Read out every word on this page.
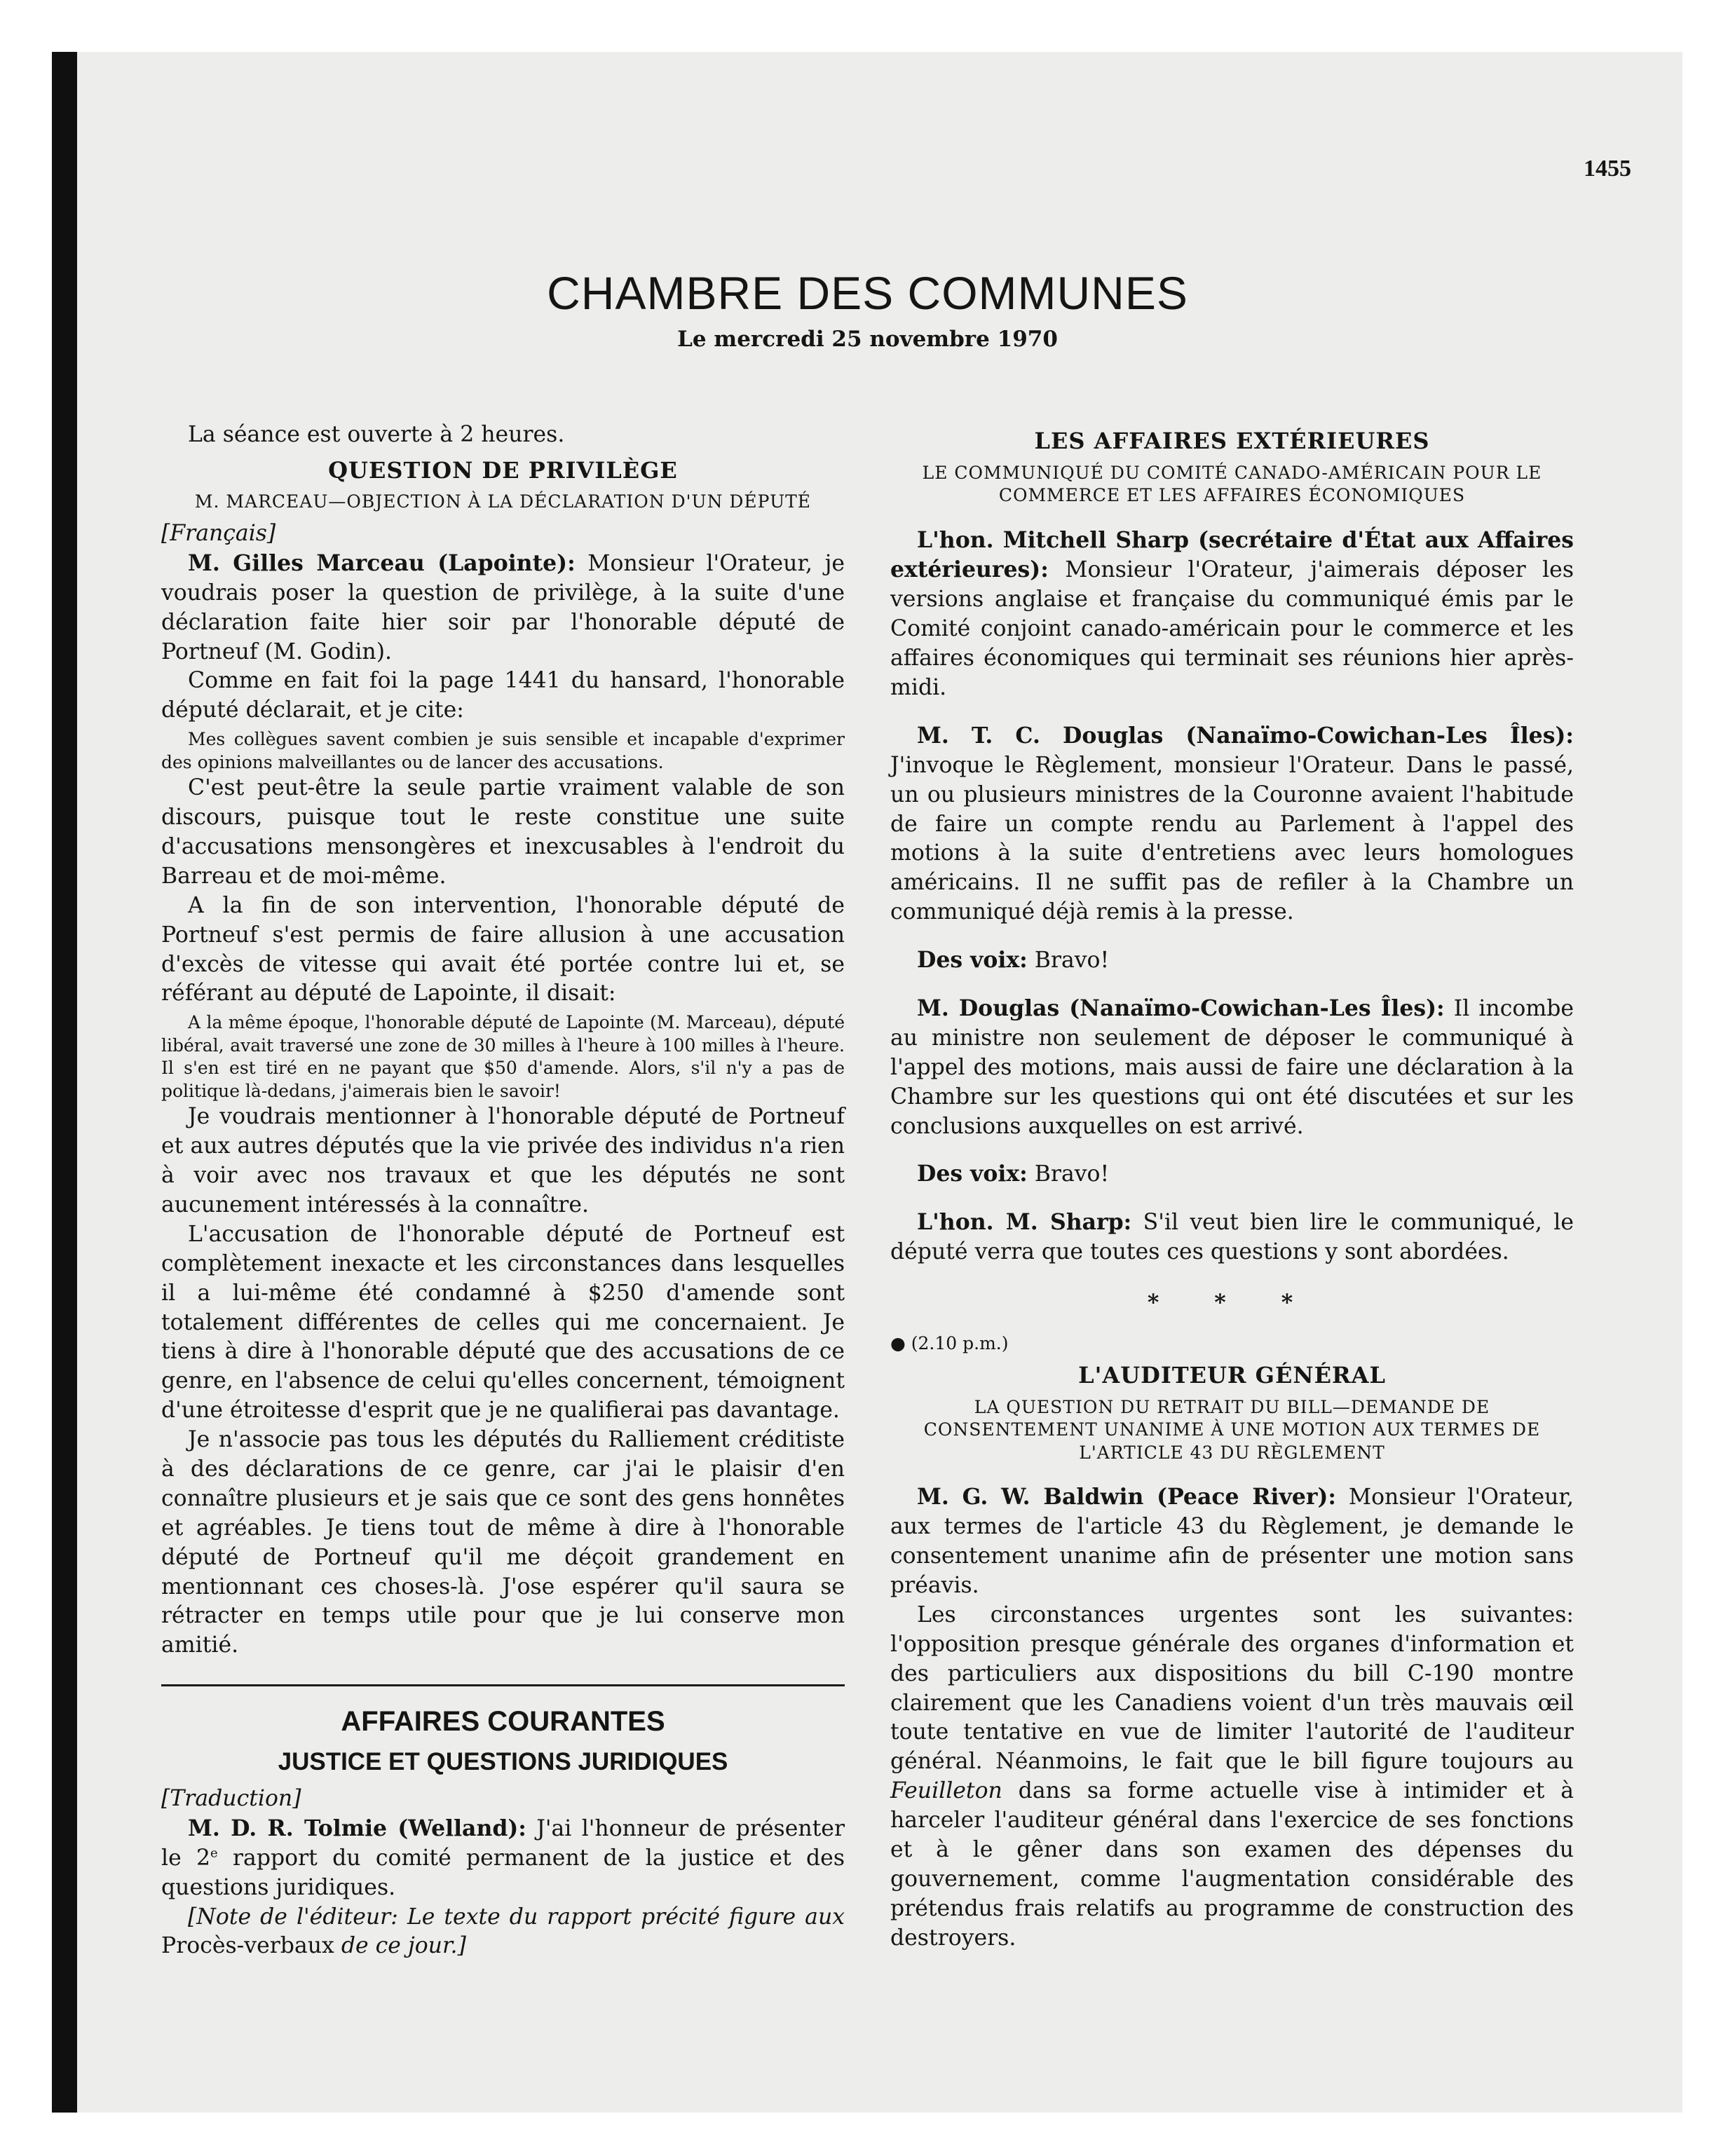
1455
CHAMBRE DES COMMUNES
Le mercredi 25 novembre 1970

La séance est ouverte à 2 heures.

QUESTION DE PRIVILÈGE
M. MARCEAU—OBJECTION À LA DÉCLARATION D'UN DÉPUTÉ

[Français]

M. Gilles Marceau (Lapointe): Monsieur l'Orateur, je voudrais poser la question de privilège, à la suite d'une déclaration faite hier soir par l'honorable député de Portneuf (M. Godin).

Comme en fait foi la page 1441 du hansard, l'honorable député déclarait, et je cite:

Mes collègues savent combien je suis sensible et incapable d'exprimer des opinions malveillantes ou de lancer des accusations.

C'est peut-être la seule partie vraiment valable de son discours, puisque tout le reste constitue une suite d'accusations mensongères et inexcusables à l'endroit du Barreau et de moi-même.

A la fin de son intervention, l'honorable député de Portneuf s'est permis de faire allusion à une accusation d'excès de vitesse qui avait été portée contre lui et, se référant au député de Lapointe, il disait:

A la même époque, l'honorable député de Lapointe (M. Marceau), député libéral, avait traversé une zone de 30 milles à l'heure à 100 milles à l'heure. Il s'en est tiré en ne payant que $50 d'amende. Alors, s'il n'y a pas de politique là-dedans, j'aimerais bien le savoir!

Je voudrais mentionner à l'honorable député de Portneuf et aux autres députés que la vie privée des individus n'a rien à voir avec nos travaux et que les députés ne sont aucunement intéressés à la connaître.

L'accusation de l'honorable député de Portneuf est complètement inexacte et les circonstances dans lesquelles il a lui-même été condamné à $250 d'amende sont totalement différentes de celles qui me concernaient. Je tiens à dire à l'honorable député que des accusations de ce genre, en l'absence de celui qu'elles concernent, témoignent d'une étroitesse d'esprit que je ne qualifierai pas davantage.

Je n'associe pas tous les députés du Ralliement créditiste à des déclarations de ce genre, car j'ai le plaisir d'en connaître plusieurs et je sais que ce sont des gens honnêtes et agréables. Je tiens tout de même à dire à l'honorable député de Portneuf qu'il me déçoit grandement en mentionnant ces choses-là. J'ose espérer qu'il saura se rétracter en temps utile pour que je lui conserve mon amitié.

AFFAIRES COURANTES
JUSTICE ET QUESTIONS JURIDIQUES

[Traduction]

M. D. R. Tolmie (Welland): J'ai l'honneur de présenter le 2e rapport du comité permanent de la justice et des questions juridiques.

[Note de l'éditeur: Le texte du rapport précité figure aux Procès-verbaux de ce jour.]

LES AFFAIRES EXTÉRIEURES
LE COMMUNIQUÉ DU COMITÉ CANADO-AMÉRICAIN POUR LE COMMERCE ET LES AFFAIRES ÉCONOMIQUES

L'hon. Mitchell Sharp (secrétaire d'État aux Affaires extérieures): Monsieur l'Orateur, j'aimerais déposer les versions anglaise et française du communiqué émis par le Comité conjoint canado-américain pour le commerce et les affaires économiques qui terminait ses réunions hier après-midi.

M. T. C. Douglas (Nanaïmo-Cowichan-Les Îles): J'invoque le Règlement, monsieur l'Orateur. Dans le passé, un ou plusieurs ministres de la Couronne avaient l'habitude de faire un compte rendu au Parlement à l'appel des motions à la suite d'entretiens avec leurs homologues américains. Il ne suffit pas de refiler à la Chambre un communiqué déjà remis à la presse.

Des voix: Bravo!

M. Douglas (Nanaïmo-Cowichan-Les Îles): Il incombe au ministre non seulement de déposer le communiqué à l'appel des motions, mais aussi de faire une déclaration à la Chambre sur les questions qui ont été discutées et sur les conclusions auxquelles on est arrivé.

Des voix: Bravo!

L'hon. M. Sharp: S'il veut bien lire le communiqué, le député verra que toutes ces questions y sont abordées.

* * *

● (2.10 p.m.)

L'AUDITEUR GÉNÉRAL
LA QUESTION DU RETRAIT DU BILL—DEMANDE DE CONSENTEMENT UNANIME À UNE MOTION AUX TERMES DE L'ARTICLE 43 DU RÈGLEMENT

M. G. W. Baldwin (Peace River): Monsieur l'Orateur, aux termes de l'article 43 du Règlement, je demande le consentement unanime afin de présenter une motion sans préavis.

Les circonstances urgentes sont les suivantes: l'opposition presque générale des organes d'information et des particuliers aux dispositions du bill C-190 montre clairement que les Canadiens voient d'un très mauvais œil toute tentative en vue de limiter l'autorité de l'auditeur général. Néanmoins, le fait que le bill figure toujours au Feuilleton dans sa forme actuelle vise à intimider et à harceler l'auditeur général dans l'exercice de ses fonctions et à le gêner dans son examen des dépenses du gouvernement, comme l'augmentation considérable des prétendus frais relatifs au programme de construction des destroyers.
